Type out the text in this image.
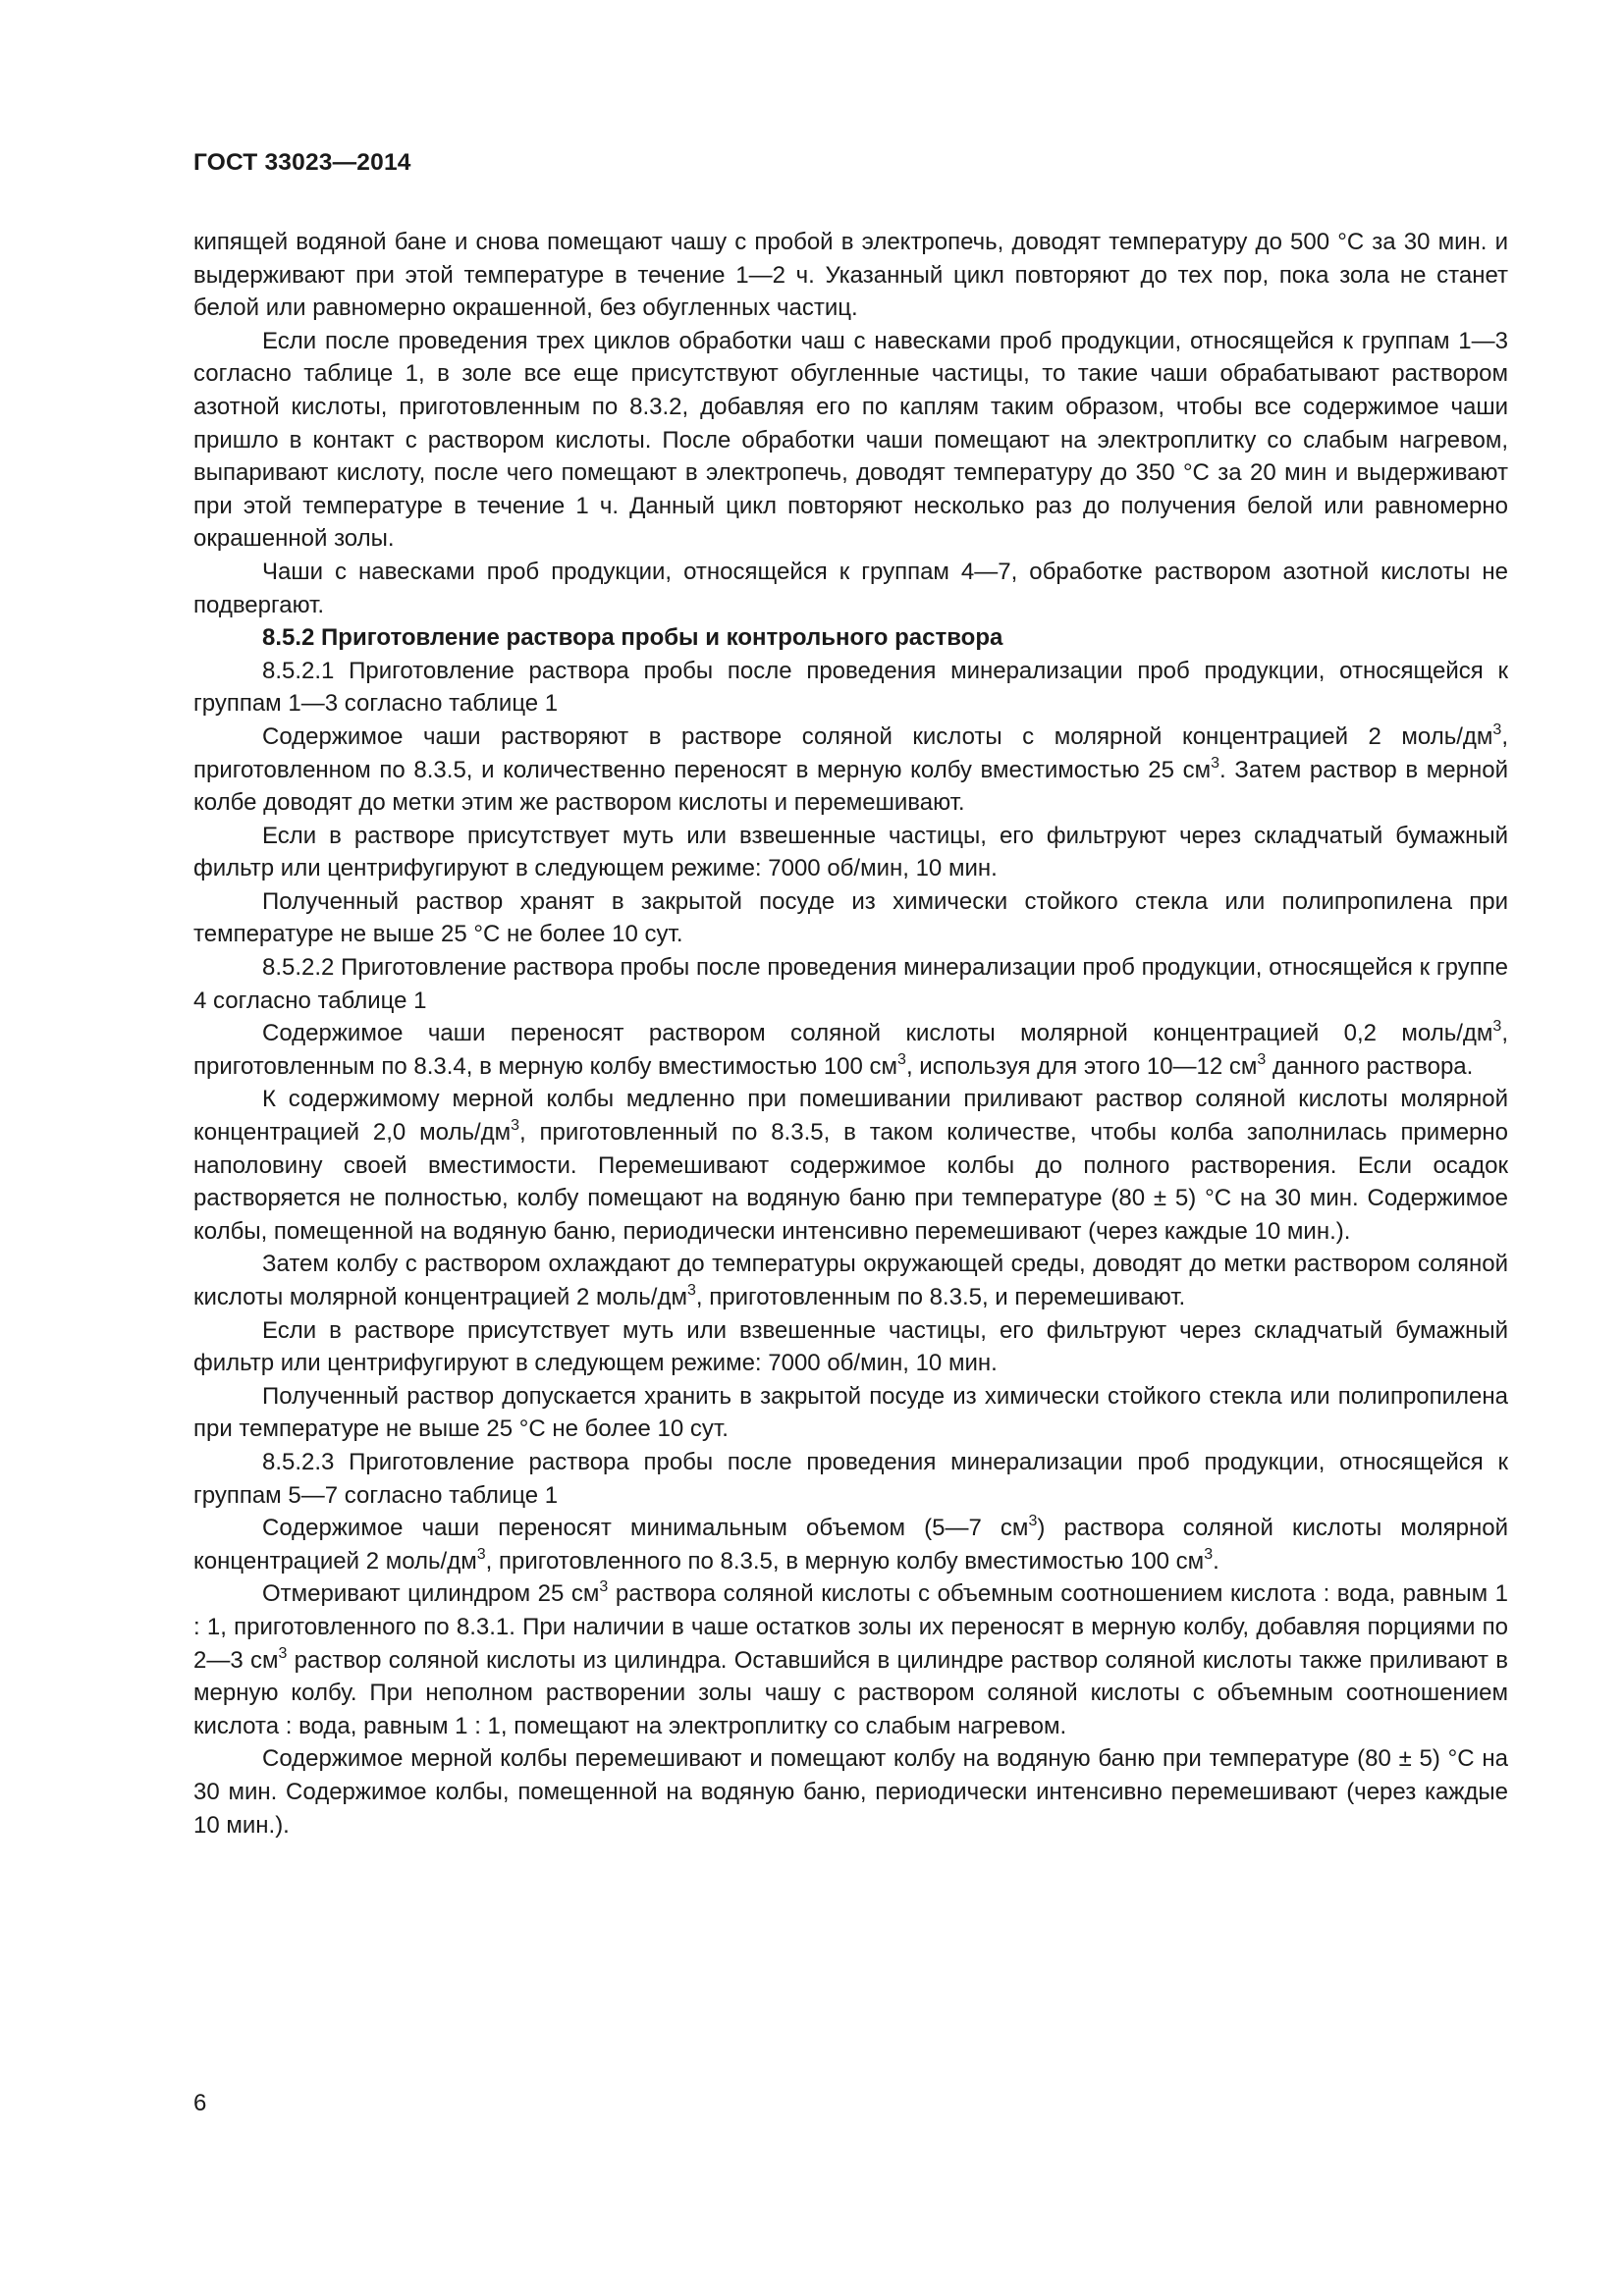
ГОСТ 33023—2014

кипящей водяной бане и снова помещают чашу с пробой в электропечь, доводят температуру до 500 °С за 30 мин. и выдерживают при этой температуре в течение 1—2 ч. Указанный цикл повторяют до тех пор, пока зола не станет белой или равномерно окрашенной, без обугленных частиц.

Если после проведения трех циклов обработки чаш с навесками проб продукции, относящейся к группам 1—3 согласно таблице 1, в золе все еще присутствуют обугленные частицы, то такие чаши обрабатывают раствором азотной кислоты, приготовленным по 8.3.2, добавляя его по каплям таким образом, чтобы все содержимое чаши пришло в контакт с раствором кислоты. После обработки чаши помещают на электроплитку со слабым нагревом, выпаривают кислоту, после чего помещают в электропечь, доводят температуру до 350 °С за 20 мин и выдерживают при этой температуре в течение 1 ч. Данный цикл повторяют несколько раз до получения белой или равномерно окрашенной золы.

Чаши с навесками проб продукции, относящейся к группам 4—7, обработке раствором азотной кислоты не подвергают.

8.5.2 Приготовление раствора пробы и контрольного раствора

8.5.2.1 Приготовление раствора пробы после проведения минерализации проб продукции, относящейся к группам 1—3 согласно таблице 1

Содержимое чаши растворяют в растворе соляной кислоты с молярной концентрацией 2 моль/$дм^3$, приготовленном по 8.3.5, и количественно переносят в мерную колбу вместимостью 25 $см^3$. Затем раствор в мерной колбе доводят до метки этим же раствором кислоты и перемешивают.

Если в растворе присутствует муть или взвешенные частицы, его фильтруют через складчатый бумажный фильтр или центрифугируют в следующем режиме: 7000 об/мин, 10 мин.

Полученный раствор хранят в закрытой посуде из химически стойкого стекла или полипропилена при температуре не выше 25 °С не более 10 сут.

8.5.2.2 Приготовление раствора пробы после проведения минерализации проб продукции, относящейся к группе 4 согласно таблице 1

Содержимое чаши переносят раствором соляной кислоты молярной концентрацией 0,2 моль/$дм^3$, приготовленным по 8.3.4, в мерную колбу вместимостью 100 $см^3$, используя для этого 10—12 $см^3$ данного раствора.

К содержимому мерной колбы медленно при помешивании приливают раствор соляной кислоты молярной концентрацией 2,0 моль/$дм^3$, приготовленный по 8.3.5, в таком количестве, чтобы колба заполнилась примерно наполовину своей вместимости. Перемешивают содержимое колбы до полного растворения. Если осадок растворяется не полностью, колбу помещают на водяную баню при температуре (80 ± 5) °С на 30 мин. Содержимое колбы, помещенной на водяную баню, периодически интенсивно перемешивают (через каждые 10 мин.).

Затем колбу с раствором охлаждают до температуры окружающей среды, доводят до метки раствором соляной кислоты молярной концентрацией 2 моль/$дм^3$, приготовленным по 8.3.5, и перемешивают.

Если в растворе присутствует муть или взвешенные частицы, его фильтруют через складчатый бумажный фильтр или центрифугируют в следующем режиме: 7000 об/мин, 10 мин.

Полученный раствор допускается хранить в закрытой посуде из химически стойкого стекла или полипропилена при температуре не выше 25 °С не более 10 сут.

8.5.2.3 Приготовление раствора пробы после проведения минерализации проб продукции, относящейся к группам 5—7 согласно таблице 1

Содержимое чаши переносят минимальным объемом (5—7 $см^3$) раствора соляной кислоты молярной концентрацией 2 моль/$дм^3$, приготовленного по 8.3.5, в мерную колбу вместимостью 100 $см^3$.

Отмеривают цилиндром 25 $см^3$ раствора соляной кислоты с объемным соотношением кислота : вода, равным 1 : 1, приготовленного по 8.3.1. При наличии в чаше остатков золы их переносят в мерную колбу, добавляя порциями по 2—3 $см^3$ раствор соляной кислоты из цилиндра. Оставшийся в цилиндре раствор соляной кислоты также приливают в мерную колбу. При неполном растворении золы чашу с раствором соляной кислоты с объемным соотношением кислота : вода, равным 1 : 1, помещают на электроплитку со слабым нагревом.

Содержимое мерной колбы перемешивают и помещают колбу на водяную баню при температуре (80 ± 5) °С на 30 мин. Содержимое колбы, помещенной на водяную баню, периодически интенсивно перемешивают (через каждые 10 мин.).

6
